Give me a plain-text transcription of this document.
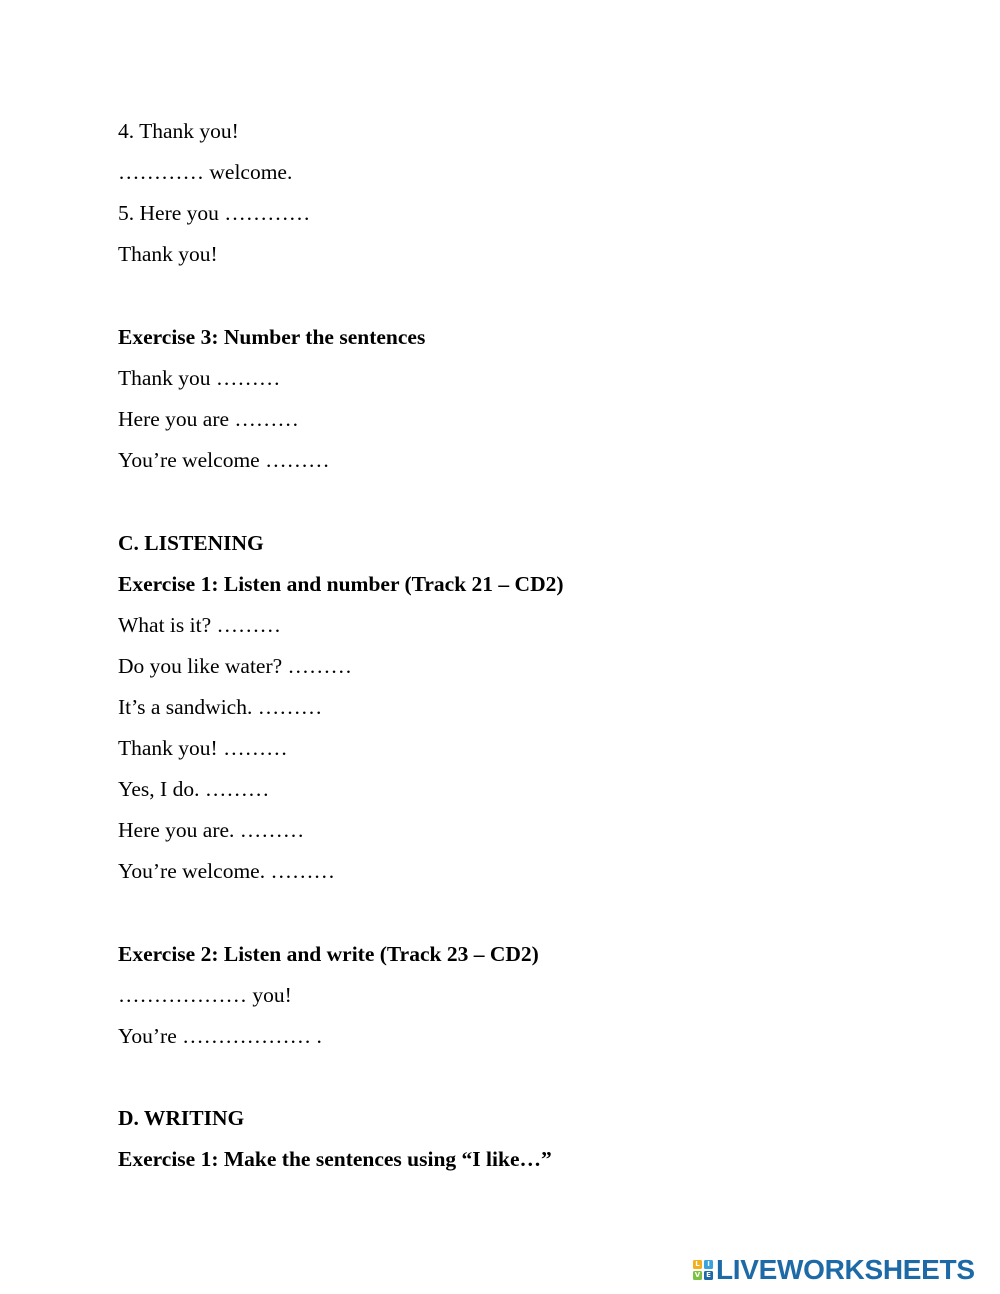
4. Thank you!
………… welcome.
5. Here you …………
Thank you!
Exercise 3: Number the sentences
Thank you ………
Here you are ………
You’re welcome ………
C. LISTENING
Exercise 1: Listen and number (Track 21 – CD2)
What is it? ………
Do you like water? ………
It’s a sandwich. ………
Thank you! ………
Yes, I do. ………
Here you are. ………
You’re welcome. ………
Exercise 2: Listen and write (Track 23 – CD2)
……………… you!
You’re ……………… .
D. WRITING
Exercise 1: Make the sentences using “I like…”
L	I
V E LIVEWORKSHEETS
